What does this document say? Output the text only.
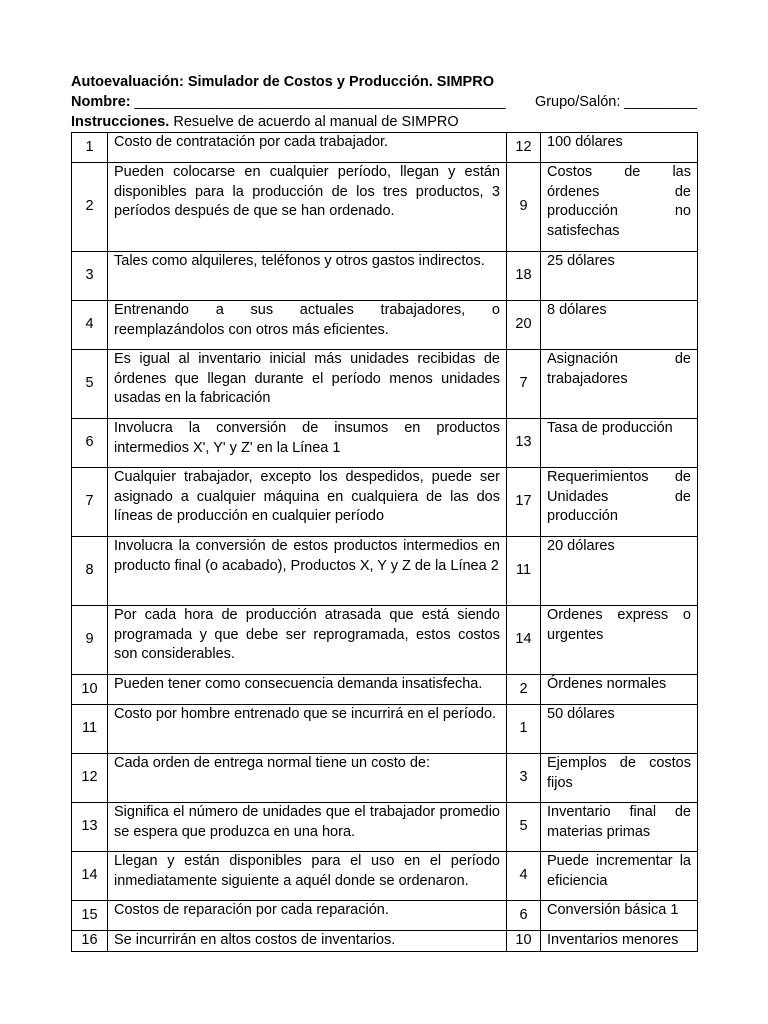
Autoevaluación: Simulador de Costos y Producción. SIMPRO
Nombre: ______________________________________________ Grupo/Salón: _________
Instrucciones. Resuelve de acuerdo al manual de SIMPRO
1	Costo de contratación por cada trabajador.	12	100 dólares
2	Pueden colocarse en cualquier período, llegan y están disponibles para la producción de los tres productos, 3 períodos después de que se han ordenado.	9	Costos de las órdenes de producción no satisfechas
3	Tales como alquileres, teléfonos y otros gastos indirectos.	18	25 dólares
4	Entrenando a sus actuales trabajadores, o reemplazándolos con otros más eficientes.	20	8 dólares
5	Es igual al inventario inicial más unidades recibidas de órdenes que llegan durante el período menos unidades usadas en la fabricación	7	Asignación de trabajadores
6	Involucra la conversión de insumos en productos intermedios X', Y' y Z' en la Línea 1	13	Tasa de producción
7	Cualquier trabajador, excepto los despedidos, puede ser asignado a cualquier máquina en cualquiera de las dos líneas de producción en cualquier período	17	Requerimientos de Unidades de producción
8	Involucra la conversión de estos productos intermedios en producto final (o acabado), Productos X, Y y Z de la Línea 2	11	20 dólares
9	Por cada hora de producción atrasada que está siendo programada y que debe ser reprogramada, estos costos son considerables.	14	Ordenes express o urgentes
10	Pueden tener como consecuencia demanda insatisfecha.	2	Órdenes normales
11	Costo por hombre entrenado que se incurrirá en el período.	1	50 dólares
12	Cada orden de entrega normal tiene un costo de:	3	Ejemplos de costos fijos
13	Significa el número de unidades que el trabajador promedio se espera que produzca en una hora.	5	Inventario final de materias primas
14	Llegan y están disponibles para el uso en el período inmediatamente siguiente a aquél donde se ordenaron.	4	Puede incrementar la eficiencia
15	Costos de reparación por cada reparación.	6	Conversión básica 1
16	Se incurrirán en altos costos de inventarios.	10	Inventarios menores
